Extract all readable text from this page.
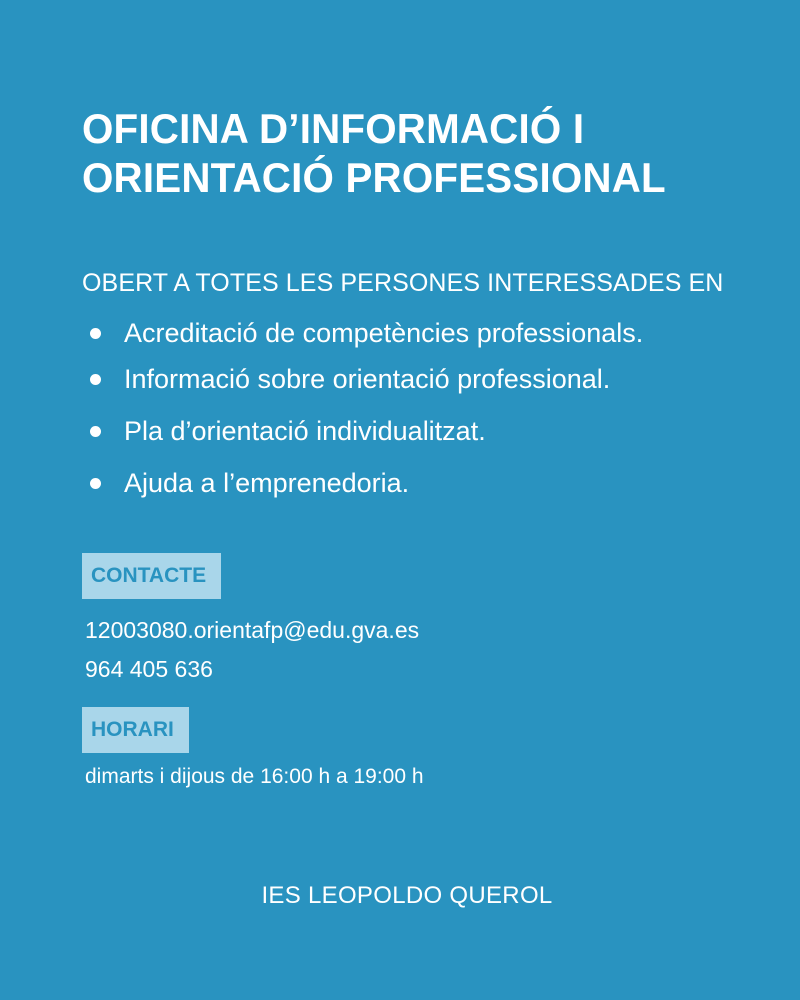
OFICINA D’INFORMACIÓ I
ORIENTACIÓ PROFESSIONAL
OBERT A TOTES LES PERSONES INTERESSADES EN
Acreditació de competències professionals.
Informació sobre orientació professional.
Pla d’orientació individualitzat.
Ajuda a l’emprenedoria.
CONTACTE
12003080.orientafp@edu.gva.es
964 405 636
HORARI
dimarts i dijous de 16:00 h a 19:00 h
IES LEOPOLDO QUEROL
